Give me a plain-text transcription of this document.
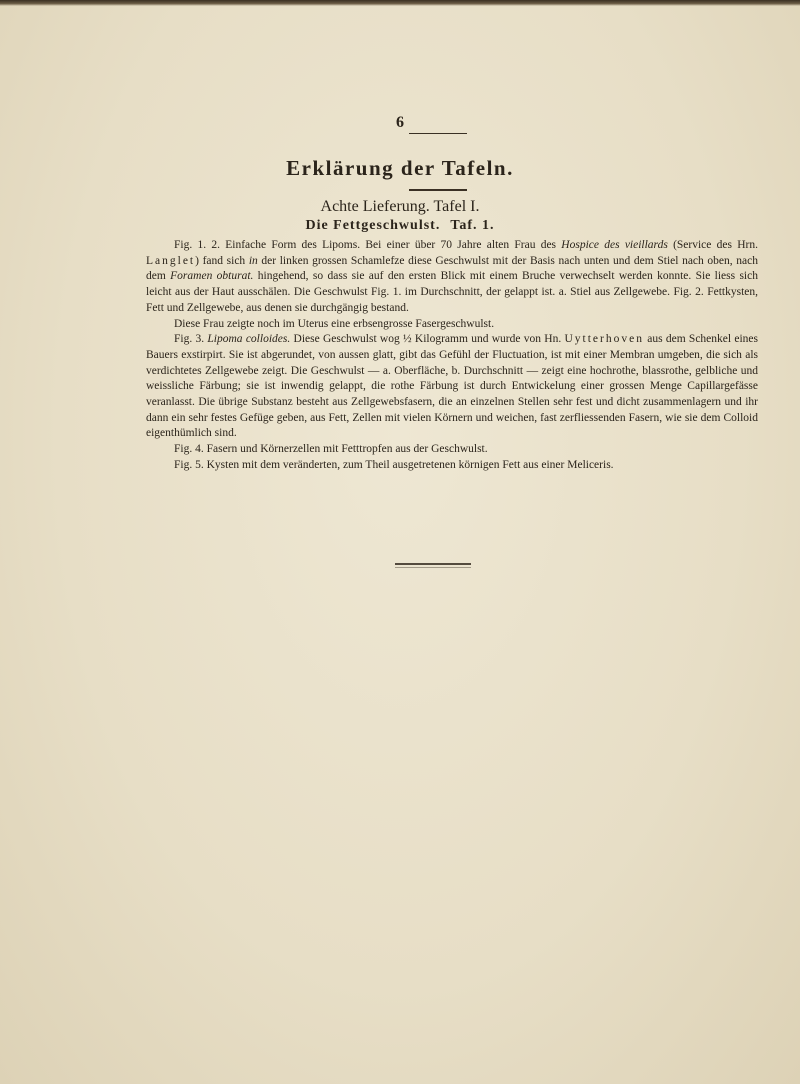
6
Erklärung der Tafeln.
Achte Lieferung. Tafel I.
Die Fettgeschwulst. Taf. 1.

Fig. 1. 2. Einfache Form des Lipoms. Bei einer über 70 Jahre alten Frau des Hospice des vieillards (Service des Hrn. Langlet) fand sich in der linken grossen Schamlefze diese Geschwulst mit der Basis nach unten und dem Stiel nach oben, nach dem Foramen obturat. hingehend, so dass sie auf den ersten Blick mit einem Bruche verwechselt werden konnte. Sie liess sich leicht aus der Haut ausschälen. Die Geschwulst Fig. 1. im Durchschnitt, der gelappt ist. a. Stiel aus Zellgewebe. Fig. 2. Fettkysten, Fett und Zellgewebe, aus denen sie durchgängig bestand.

Diese Frau zeigte noch im Uterus eine erbsengrosse Fasergeschwulst.

Fig. 3. Lipoma colloides. Diese Geschwulst wog ½ Kilogramm und wurde von Hn. Uytterhoven aus dem Schenkel eines Bauers exstirpirt. Sie ist abgerundet, von aussen glatt, gibt das Gefühl der Fluctuation, ist mit einer Membran umgeben, die sich als verdichtetes Zellgewebe zeigt. Die Geschwulst — a. Oberfläche, b. Durchschnitt — zeigt eine hochrothe, blassrothe, gelbliche und weissliche Färbung; sie ist inwendig gelappt, die rothe Färbung ist durch Entwickelung einer grossen Menge Capillargefässe veranlasst. Die übrige Substanz besteht aus Zellgewebsfasern, die an einzelnen Stellen sehr fest und dicht zusammenlagern und ihr dann ein sehr festes Gefüge geben, aus Fett, Zellen mit vielen Körnern und weichen, fast zerfliessenden Fasern, wie sie dem Colloid eigenthümlich sind.

Fig. 4. Fasern und Körnerzellen mit Fetttropfen aus der Geschwulst.

Fig. 5. Kysten mit dem veränderten, zum Theil ausgetretenen körnigen Fett aus einer Meliceris.
